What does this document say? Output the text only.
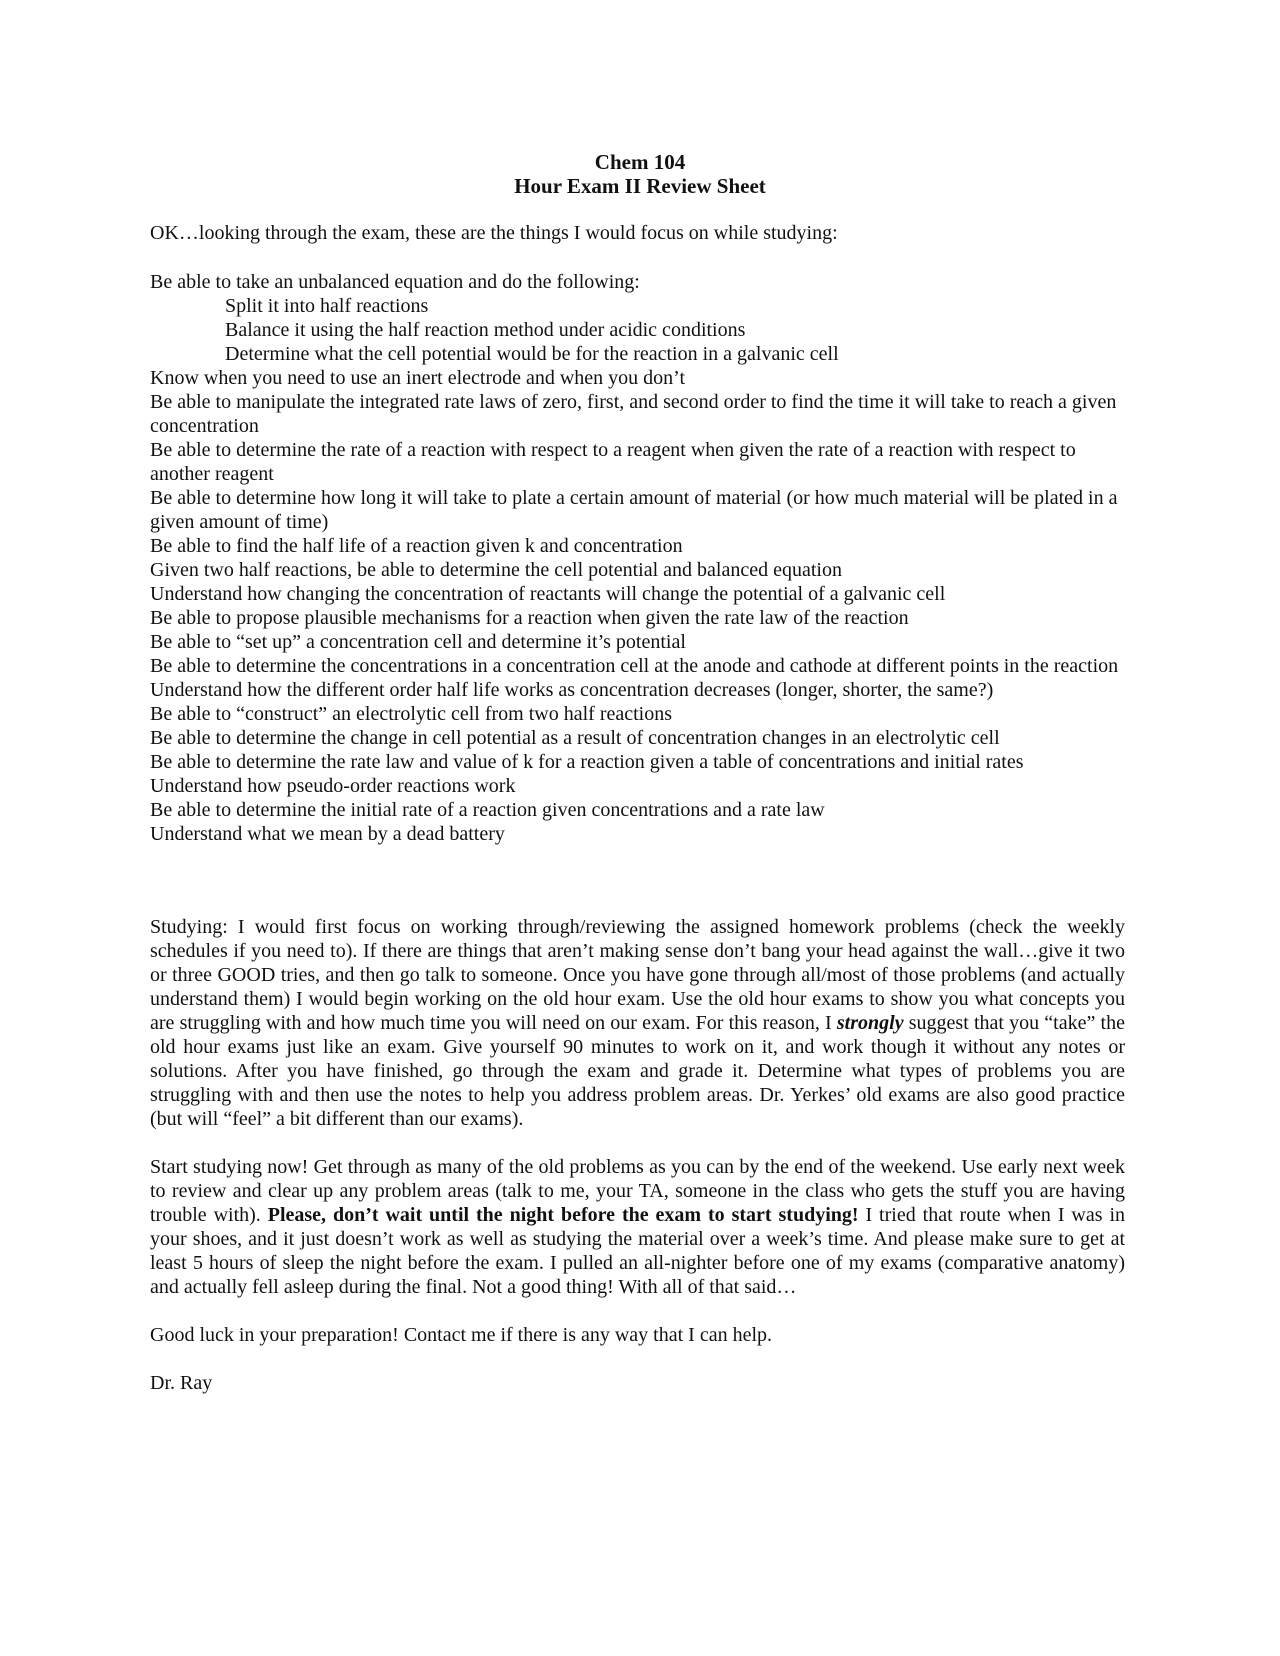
Chem 104
Hour Exam II Review Sheet
OK…looking through the exam, these are the things I would focus on while studying:
Be able to take an unbalanced equation and do the following:
Split it into half reactions
Balance it using the half reaction method under acidic conditions
Determine what the cell potential would be for the reaction in a galvanic cell
Know when you need to use an inert electrode and when you don’t
Be able to manipulate the integrated rate laws of zero, first, and second order to find the time it will take to reach a given concentration
Be able to determine the rate of a reaction with respect to a reagent when given the rate of a reaction with respect to another reagent
Be able to determine how long it will take to plate a certain amount of material (or how much material will be plated in a given amount of time)
Be able to find the half life of a reaction given k and concentration
Given two half reactions, be able to determine the cell potential and balanced equation
Understand how changing the concentration of reactants will change the potential of a galvanic cell
Be able to propose plausible mechanisms for a reaction when given the rate law of the reaction
Be able to “set up” a concentration cell and determine it’s potential
Be able to determine the concentrations in a concentration cell at the anode and cathode at different points in the reaction
Understand how the different order half life works as concentration decreases (longer, shorter, the same?)
Be able to “construct” an electrolytic cell from two half reactions
Be able to determine the change in cell potential as a result of concentration changes in an electrolytic cell
Be able to determine the rate law and value of k for a reaction given a table of concentrations and initial rates
Understand how pseudo-order reactions work
Be able to determine the initial rate of a reaction given concentrations and a rate law
Understand what we mean by a dead battery
Studying: I would first focus on working through/reviewing the assigned homework problems (check the weekly schedules if you need to). If there are things that aren’t making sense don’t bang your head against the wall…give it two or three GOOD tries, and then go talk to someone. Once you have gone through all/most of those problems (and actually understand them) I would begin working on the old hour exam. Use the old hour exams to show you what concepts you are struggling with and how much time you will need on our exam. For this reason, I strongly suggest that you “take” the old hour exams just like an exam. Give yourself 90 minutes to work on it, and work though it without any notes or solutions. After you have finished, go through the exam and grade it. Determine what types of problems you are struggling with and then use the notes to help you address problem areas. Dr. Yerkes’ old exams are also good practice (but will “feel” a bit different than our exams).
Start studying now! Get through as many of the old problems as you can by the end of the weekend. Use early next week to review and clear up any problem areas (talk to me, your TA, someone in the class who gets the stuff you are having trouble with). Please, don’t wait until the night before the exam to start studying! I tried that route when I was in your shoes, and it just doesn’t work as well as studying the material over a week’s time. And please make sure to get at least 5 hours of sleep the night before the exam. I pulled an all-nighter before one of my exams (comparative anatomy) and actually fell asleep during the final. Not a good thing! With all of that said…
Good luck in your preparation! Contact me if there is any way that I can help.
Dr. Ray
